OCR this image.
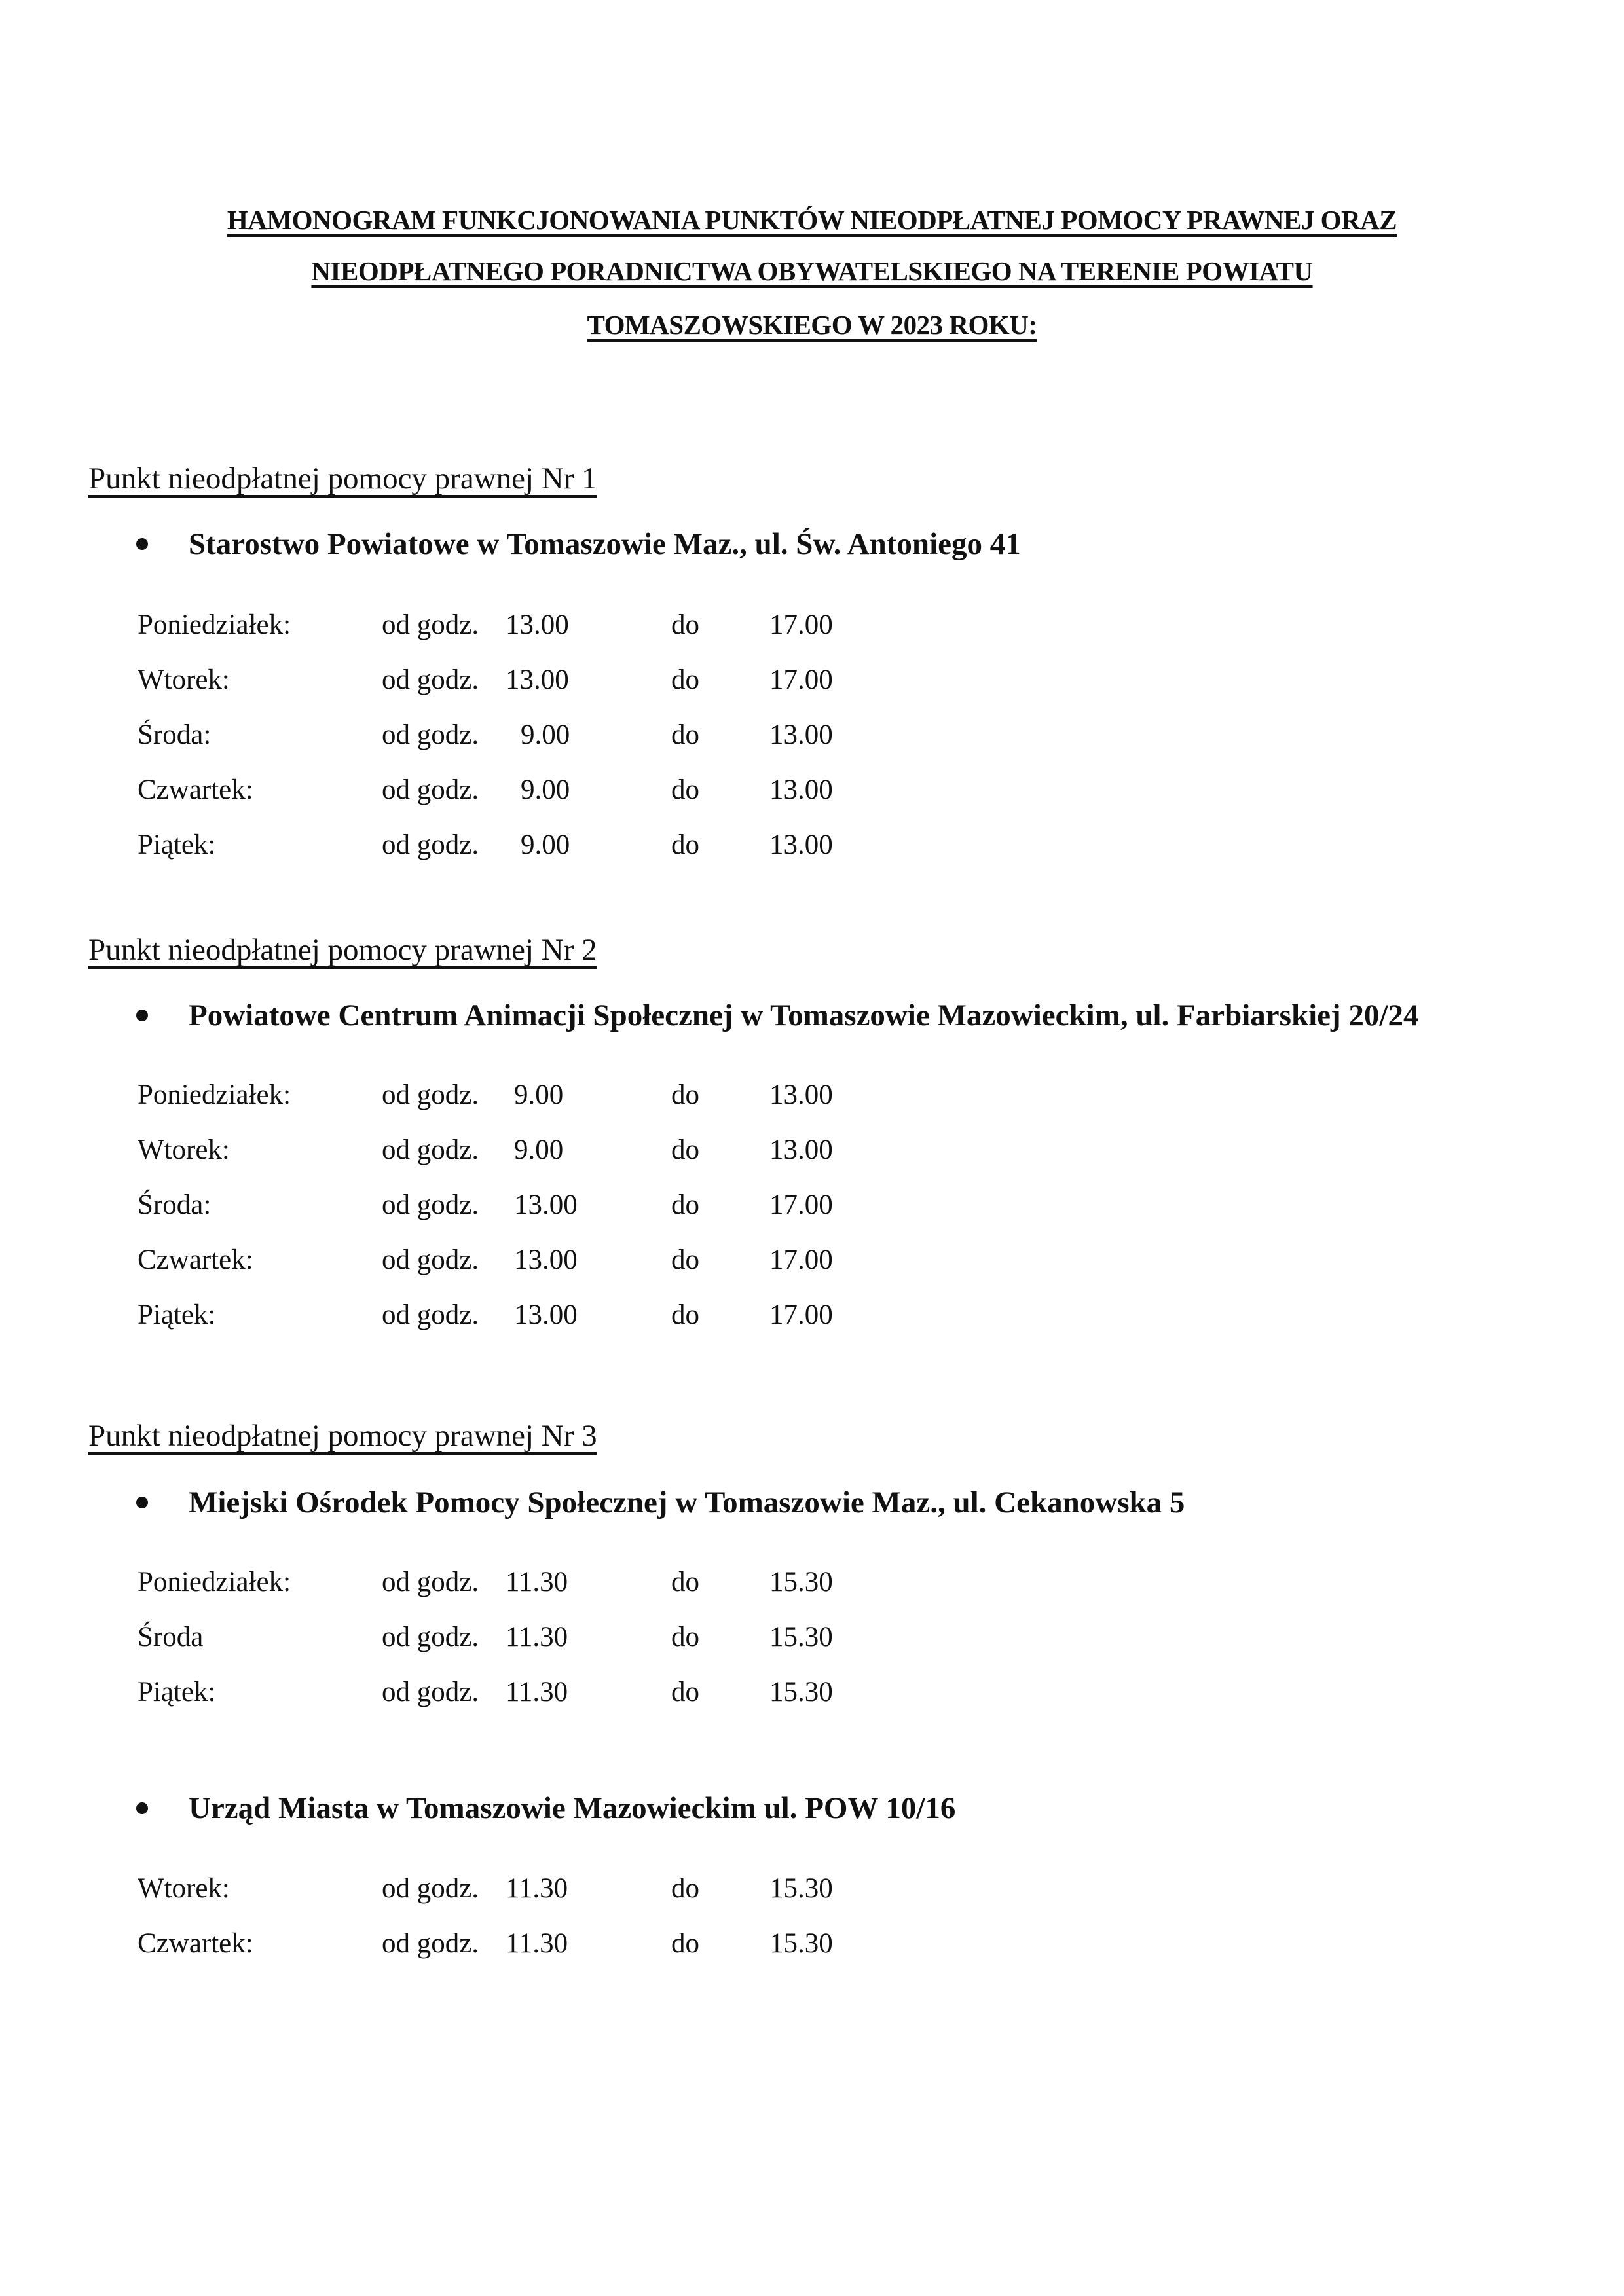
HAMONOGRAM FUNKCJONOWANIA PUNKTÓW NIEODPŁATNEJ POMOCY PRAWNEJ ORAZ
NIEODPŁATNEGO PORADNICTWA OBYWATELSKIEGO NA TERENIE POWIATU
TOMASZOWSKIEGO W 2023 ROKU:
Punkt nieodpłatnej pomocy prawnej Nr 1
Starostwo Powiatowe w Tomaszowie Maz., ul. Św. Antoniego 41
Poniedziałek:	od godz. 13.00	do 17.00
Wtorek:	od godz. 13.00	do 17.00
Środa:	od godz. 9.00	do 13.00
Czwartek:	od godz. 9.00	do 13.00
Piątek:	od godz. 9.00	do 13.00
Punkt nieodpłatnej pomocy prawnej Nr 2
Powiatowe Centrum Animacji Społecznej w Tomaszowie Mazowieckim, ul. Farbiarskiej 20/24
Poniedziałek:	od godz. 9.00	do 13.00
Wtorek:	od godz. 9.00	do 13.00
Środa:	od godz. 13.00	do 17.00
Czwartek:	od godz. 13.00	do 17.00
Piątek:	od godz. 13.00	do 17.00
Punkt nieodpłatnej pomocy prawnej Nr 3
Miejski Ośrodek Pomocy Społecznej w Tomaszowie Maz., ul. Cekanowska 5
Poniedziałek:	od godz. 11.30	do 15.30
Środa	od godz. 11.30	do 15.30
Piątek:	od godz. 11.30	do 15.30
Urząd Miasta w Tomaszowie Mazowieckim ul. POW 10/16
Wtorek:	od godz. 11.30	do 15.30
Czwartek:	od godz. 11.30	do 15.30
